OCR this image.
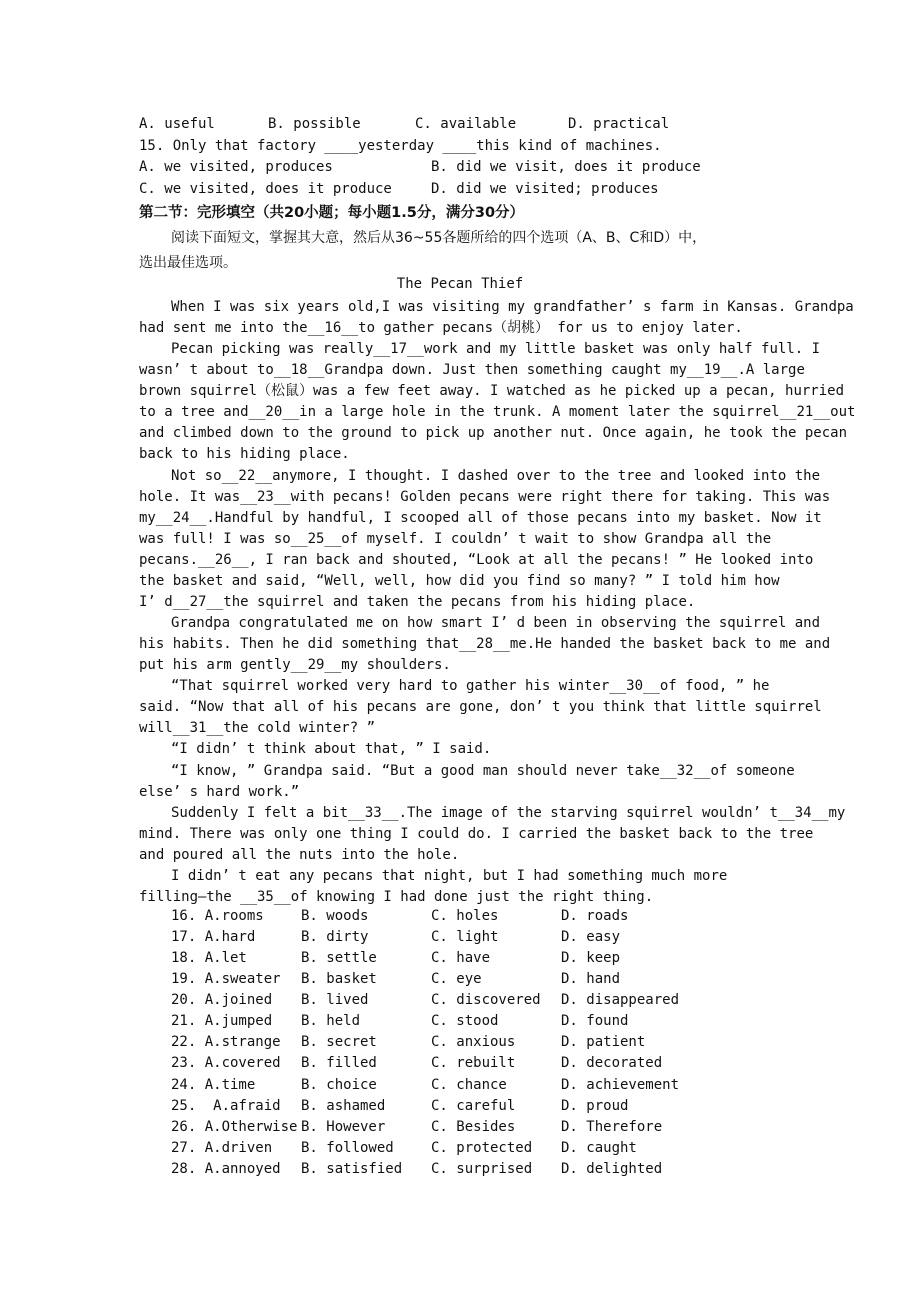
A. useful	B. possible	C. available	D. practical
15. Only that factory ____yesterday ____this kind of machines.
A. we visited, produces	B. did we visit, does it produce
C. we visited, does it produce	D. did we visited; produces
第二节：完形填空（共20小题；每小题1.5分，满分30分）
阅读下面短文，掌握其大意，然后从36~55各题所给的四个选项（A、B、C和D）中，
选出最佳选项。
The Pecan Thief
When I was six years old,I was visiting my grandfather’ s farm in Kansas. Grandpa
had sent me into the__16__to gather pecans（胡桃） for us to enjoy later.
Pecan picking was really__17__work and my little basket was only half full. I
wasn’ t about to__18__Grandpa down. Just then something caught my__19__.A large
brown squirrel（松鼠）was a few feet away. I watched as he picked up a pecan, hurried
to a tree and__20__in a large hole in the trunk. A moment later the squirrel__21__out
and climbed down to the ground to pick up another nut. Once again, he took the pecan
back to his hiding place.
Not so__22__anymore, I thought. I dashed over to the tree and looked into the
hole. It was__23__with pecans! Golden pecans were right there for taking. This was
my__24__.Handful by handful, I scooped all of those pecans into my basket. Now it
was full! I was so__25__of myself. I couldn’ t wait to show Grandpa all the
pecans.__26__, I ran back and shouted, “Look at all the pecans! ” He looked into
the basket and said, “Well, well, how did you find so many? ” I told him how
I’ d__27__the squirrel and taken the pecans from his hiding place.
Grandpa congratulated me on how smart I’ d been in observing the squirrel and
his habits. Then he did something that__28__me.He handed the basket back to me and
put his arm gently__29__my shoulders.
“That squirrel worked very hard to gather his winter__30__of food, ” he
said. “Now that all of his pecans are gone, don’ t you think that little squirrel
will__31__the cold winter? ”
“I didn’ t think about that, ” I said.
“I know, ” Grandpa said. “But a good man should never take__32__of someone
else’ s hard work.”
Suddenly I felt a bit__33__.The image of the starving squirrel wouldn’ t__34__my
mind. There was only one thing I could do. I carried the basket back to the tree
and poured all the nuts into the hole.
I didn’ t eat any pecans that night, but I had something much more
filling—the __35__of knowing I had done just the right thing.
16. A.rooms	B. woods	C. holes	D. roads
17. A.hard	B. dirty	C. light	D. easy
18. A.let	B. settle	C. have	D. keep
19. A.sweater B. basket	C. eye	D. hand
20. A.joined B. lived	C. discovered D. disappeared
21. A.jumped B. held	C. stood	D. found
22. A.strange B. secret	C. anxious	D. patient
23. A.covered B. filled	C. rebuilt	D. decorated
24. A.time	B. choice	C. chance	D. achievement
25.  A.afraid B. ashamed	C. careful	D. proud
26. A.Otherwise B. However	C. Besides	D. Therefore
27. A.driven B. followed	C. protected D. caught
28. A.annoyed B. satisfied C. surprised D. delighted
